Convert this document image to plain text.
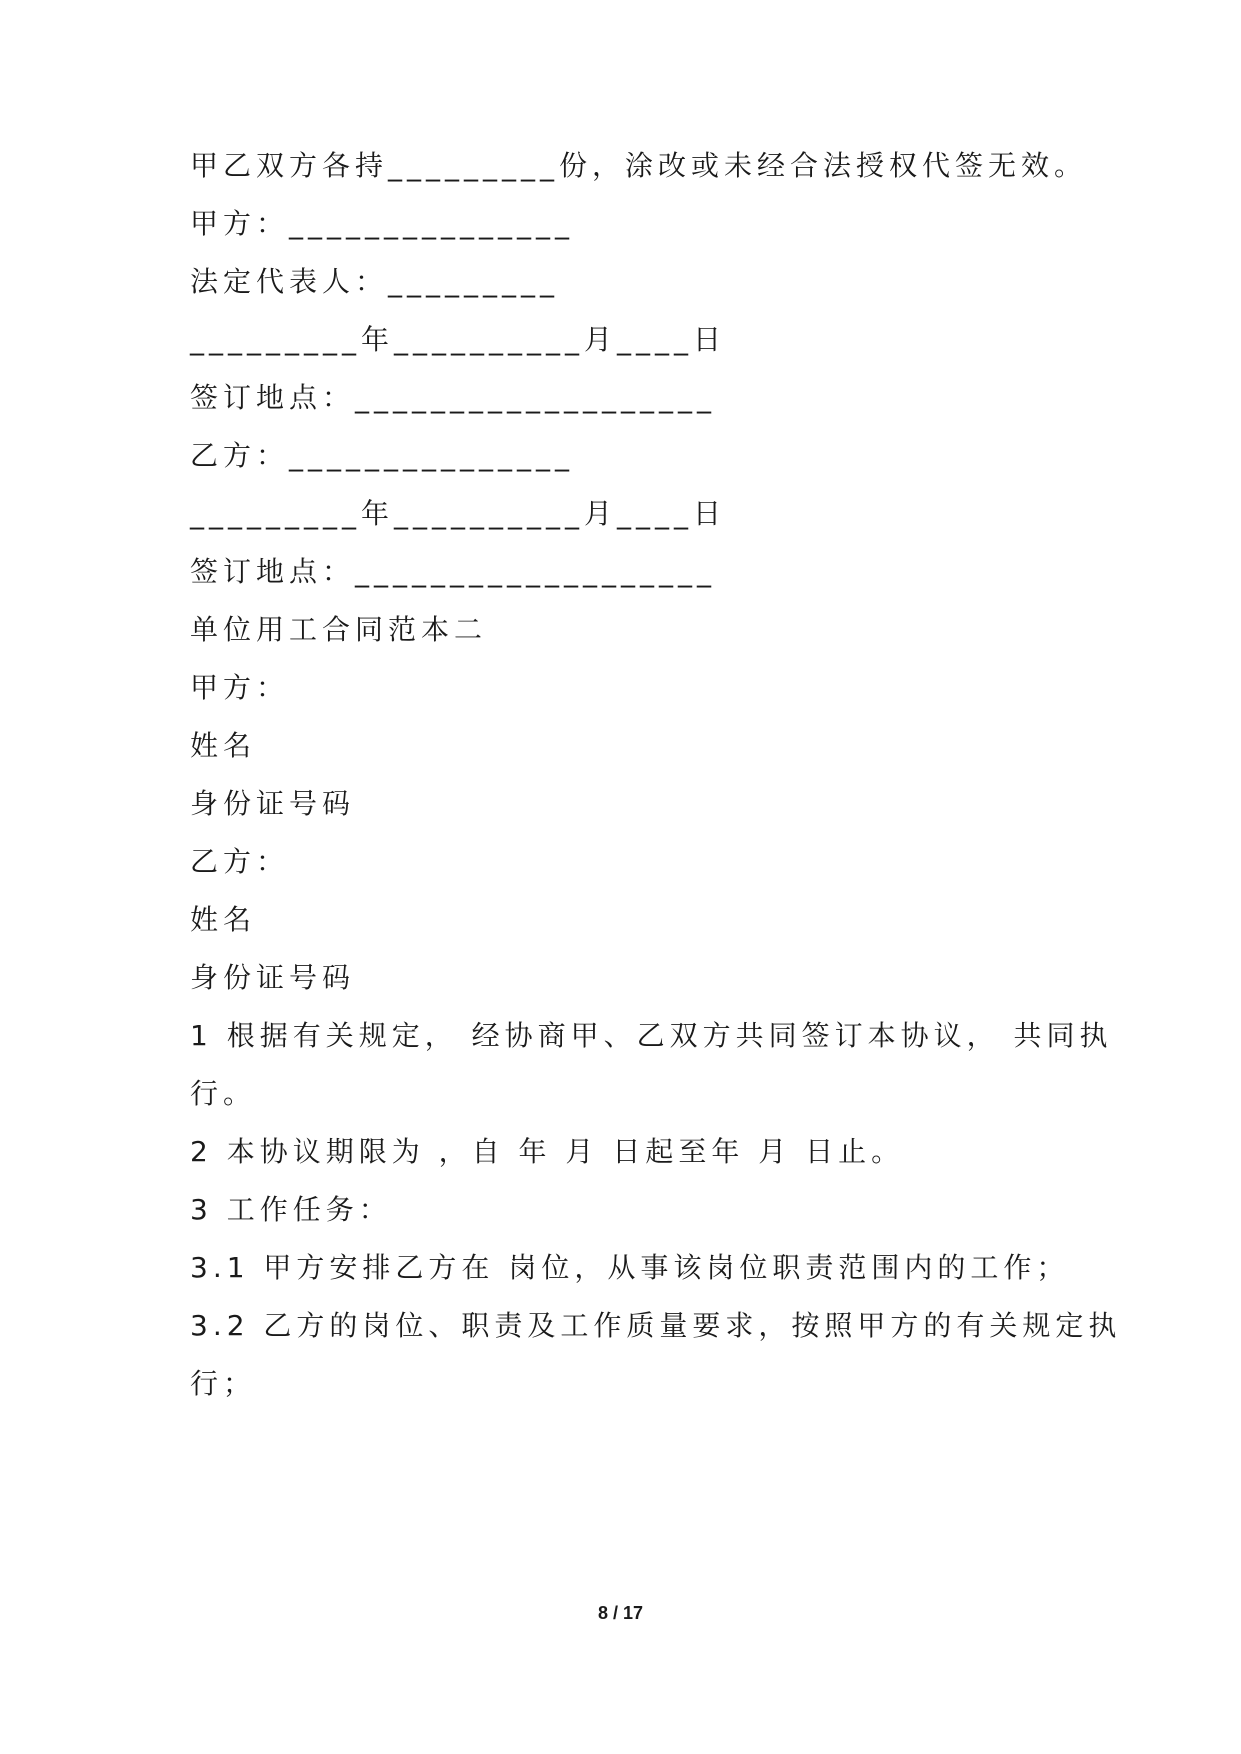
甲乙双方各持_________份，涂改或未经合法授权代签无效。
甲方：_______________
法定代表人：_________
_________年__________月____日
签订地点：___________________
乙方：_______________
_________年__________月____日
签订地点：___________________
单位用工合同范本二
甲方：
姓名
身份证号码
乙方：
姓名
身份证号码
1 根据有关规定， 经协商甲、乙双方共同签订本协议， 共同执
行。
2 本协议期限为 ，自 年 月 日起至年 月 日止。
3 工作任务：
3.1 甲方安排乙方在 岗位，从事该岗位职责范围内的工作；
3.2 乙方的岗位、职责及工作质量要求，按照甲方的有关规定执
行；
8 / 17
